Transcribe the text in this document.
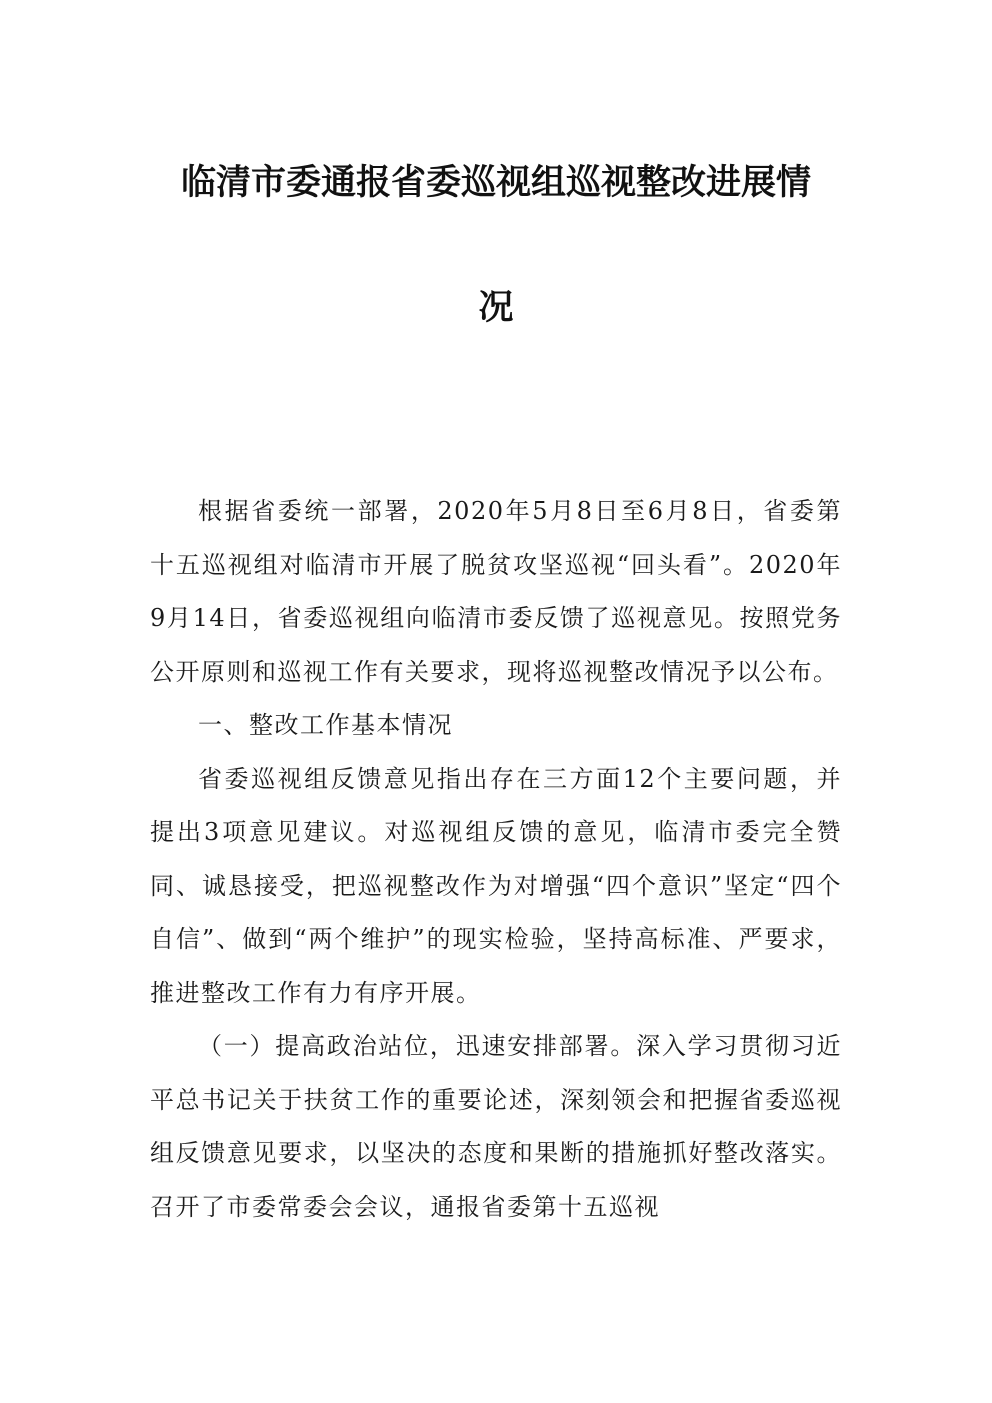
临清市委通报省委巡视组巡视整改进展情
况

根据省委统一部署，2020年5月8日至6月8日，省委第十五巡视组对临清市开展了脱贫攻坚巡视“回头看”。2020年9月14日，省委巡视组向临清市委反馈了巡视意见。按照党务公开原则和巡视工作有关要求，现将巡视整改情况予以公布。

一、整改工作基本情况

省委巡视组反馈意见指出存在三方面12个主要问题，并提出3项意见建议。对巡视组反馈的意见，临清市委完全赞同、诚恳接受，把巡视整改作为对增强“四个意识”坚定“四个自信”、做到“两个维护”的现实检验，坚持高标准、严要求，推进整改工作有力有序开展。

（一）提高政治站位，迅速安排部署。深入学习贯彻习近平总书记关于扶贫工作的重要论述，深刻领会和把握省委巡视组反馈意见要求，以坚决的态度和果断的措施抓好整改落实。召开了市委常委会会议，通报省委第十五巡视
